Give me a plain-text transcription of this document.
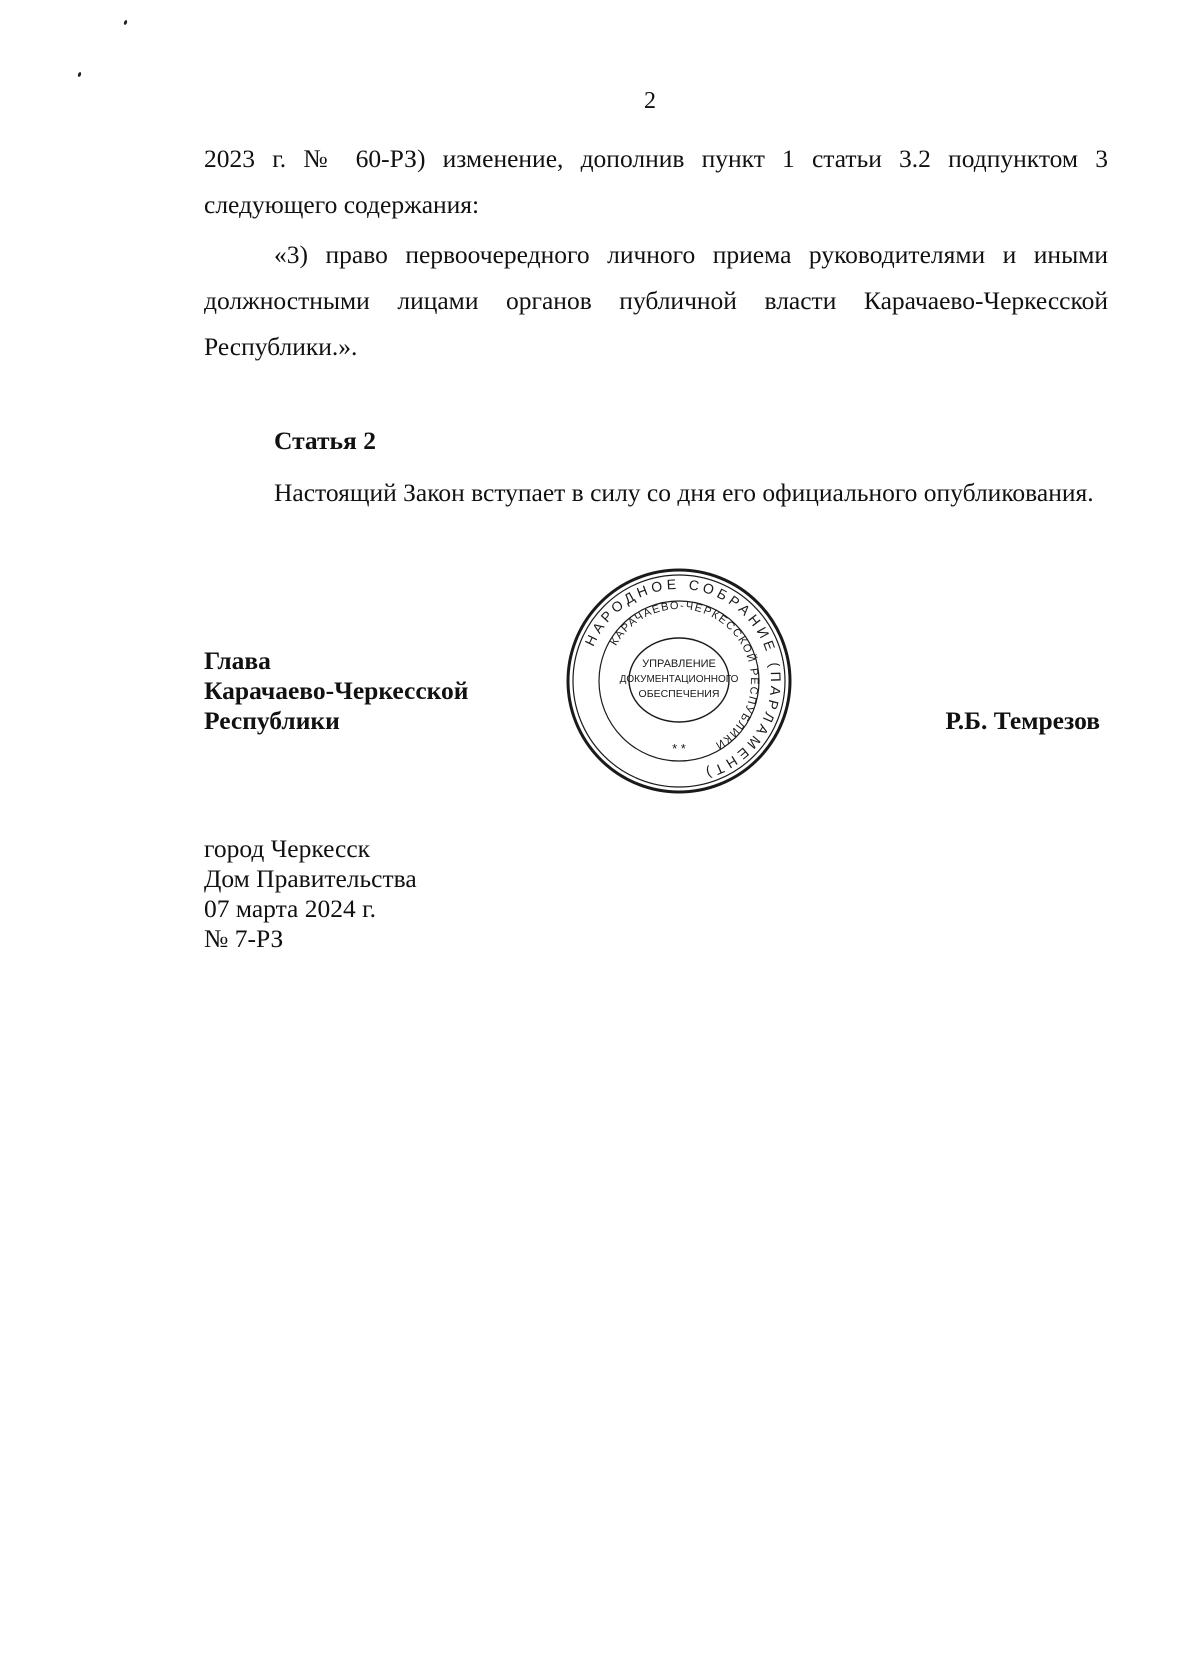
2

2023 г. № 60-РЗ) изменение, дополнив пункт 1 статьи 3.2 подпунктом 3 следующего содержания:

«3) право первоочередного личного приема руководителями и иными должностными лицами органов публичной власти Карачаево-Черкесской Республики.».

Статья 2

Настоящий Закон вступает в силу со дня его официального опубликования.

Глава
Карачаево-Черкесской
Республики	Р.Б. Темрезов
НАРОДНОЕ СОБРАНИЕ (ПАРЛАМЕНТ)
КАРАЧАЕВО-ЧЕРКЕССКОЙ РЕСПУБЛИКИ
УПРАВЛЕНИЕ
ДОКУМЕНТАЦИОННОГО
ОБЕСПЕЧЕНИЯ
* *
город Черкесск
Дом Правительства
07 марта 2024 г.
№ 7-РЗ
